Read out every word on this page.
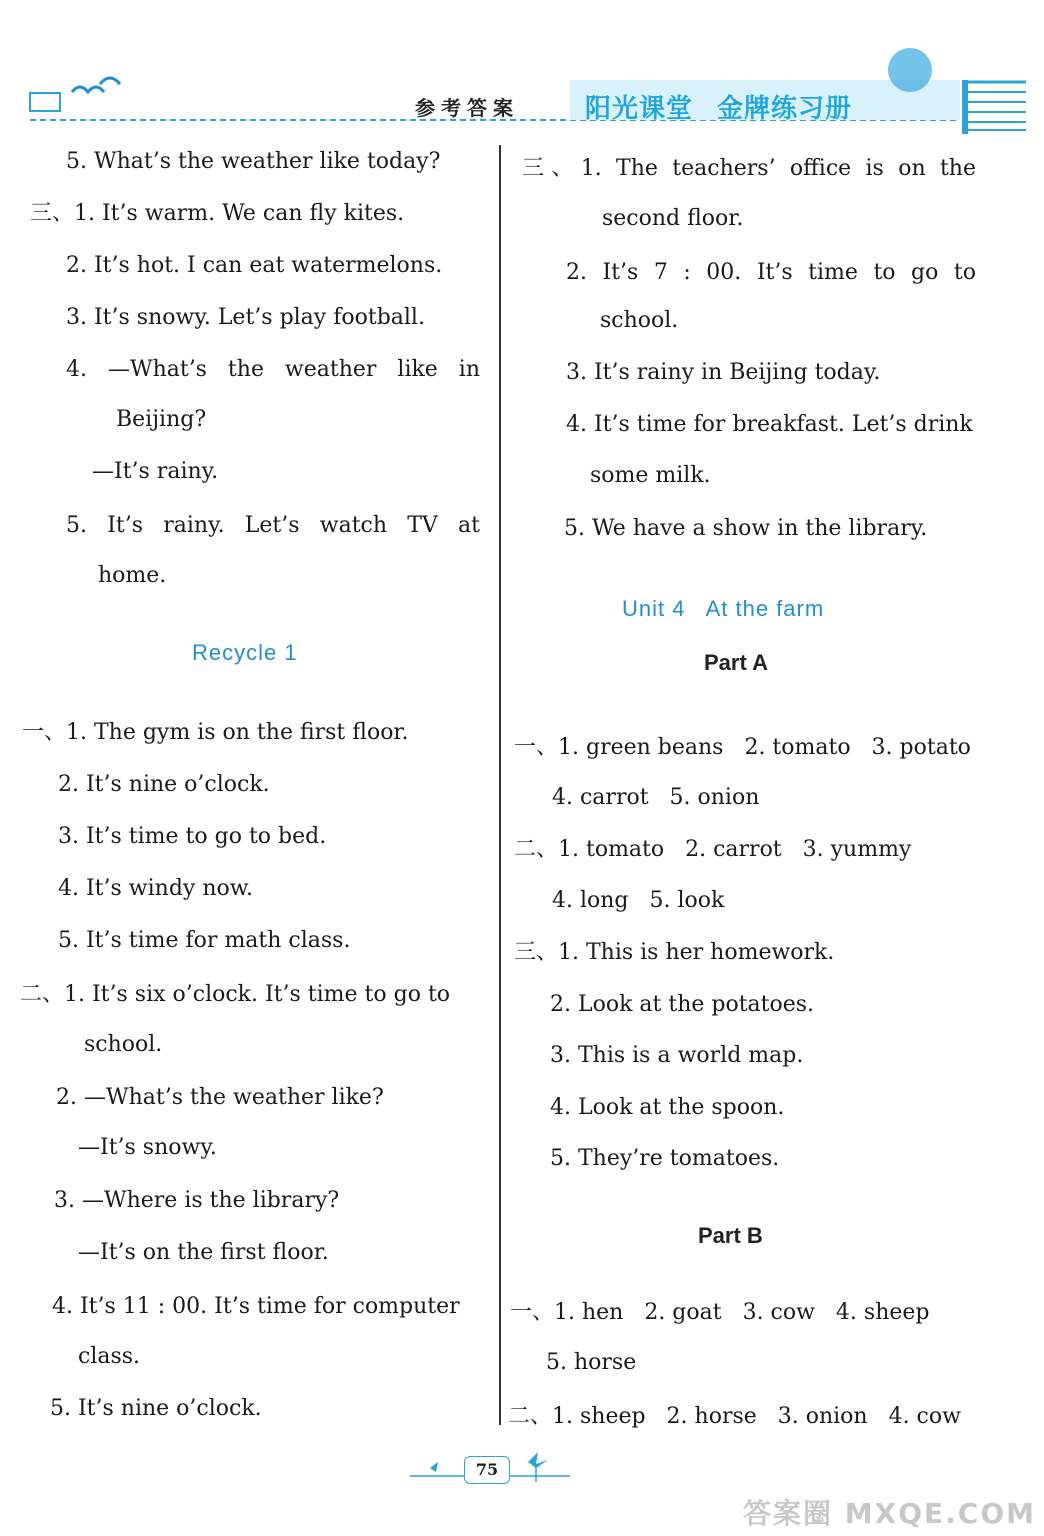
参考答案	阳光课堂 金牌练习册
5. What’s the weather like today?
三、1. It’s warm. We can fly kites.
2. It’s hot. I can eat watermelons.
3. It’s snowy. Let’s play football.
4. —What’s the weather like in
Beijing?
—It’s rainy.
5. It’s rainy. Let’s watch TV at
home.
Recycle 1
一、1. The gym is on the first floor.
2. It’s nine o’clock.
3. It’s time to go to bed.
4. It’s windy now.
5. It’s time for math class.
二、1. It’s six o’clock. It’s time to go to
school.
2. —What’s the weather like?
—It’s snowy.
3. —Where is the library?
—It’s on the first floor.
4. It’s 11 : 00. It’s time for computer
class.
5. It’s nine o’clock.
三、1. The teachers’ office is on the
second floor.
2. It’s 7 : 00. It’s time to go to
school.
3. It’s rainy in Beijing today.
4. It’s time for breakfast. Let’s drink
some milk.
5. We have a show in the library.
Unit 4   At the farm
Part A
一、1. green beans   2. tomato   3. potato
4. carrot   5. onion
二、1. tomato   2. carrot   3. yummy
4. long   5. look
三、1. This is her homework.
2. Look at the potatoes.
3. This is a world map.
4. Look at the spoon.
5. They’re tomatoes.
Part B
一、1. hen   2. goat   3. cow   4. sheep
5. horse
二、1. sheep   2. horse   3. onion   4. cow
75
答案圈 MXQE.COM
